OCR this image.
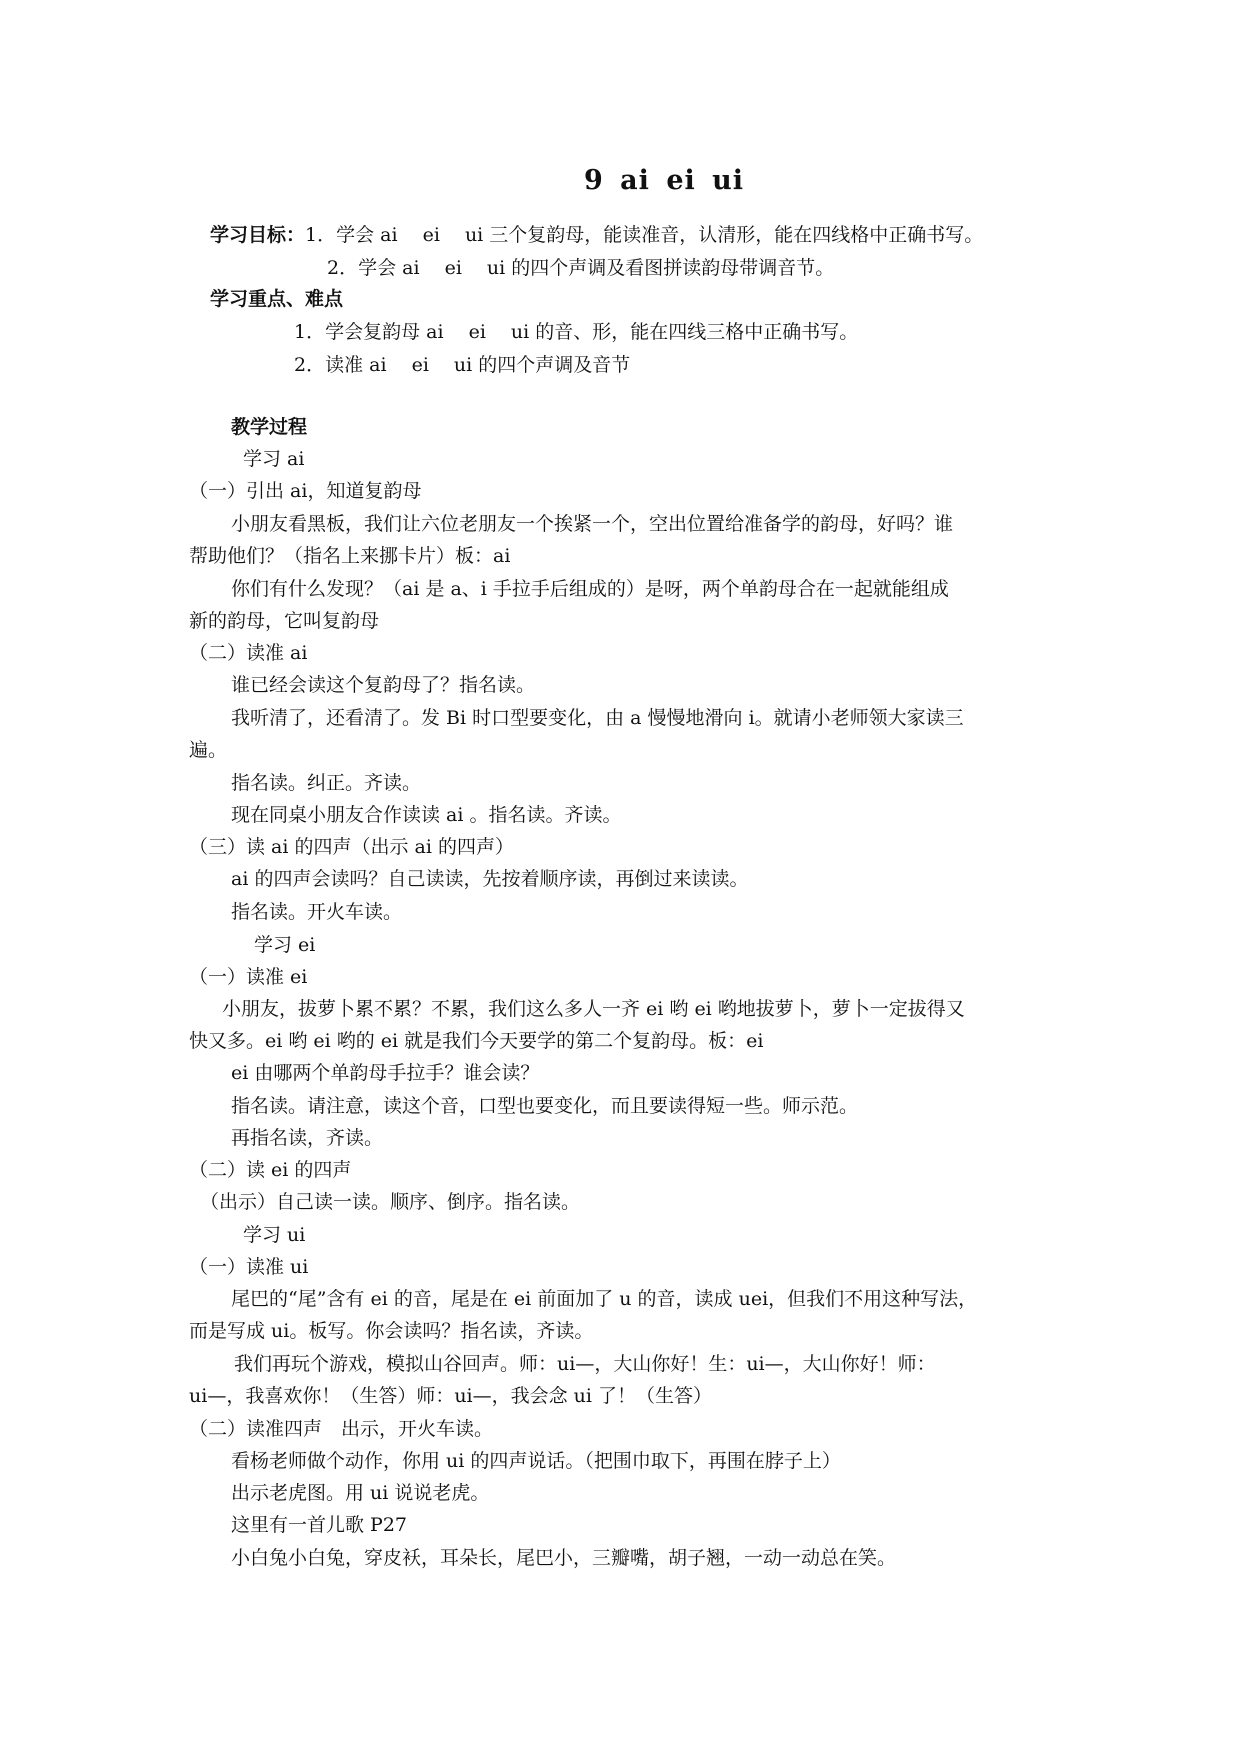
9 ai ei ui
学习目标：1．学会 ai　 ei　 ui 三个复韵母，能读准音，认清形，能在四线格中正确书写。
2．学会 ai　 ei　 ui 的四个声调及看图拼读韵母带调音节。
学习重点、难点
1．学会复韵母 ai　 ei　 ui 的音、形，能在四线三格中正确书写。
2．读准 ai　 ei　 ui 的四个声调及音节
教学过程
学习 ai
（一）引出 ai，知道复韵母
小朋友看黑板，我们让六位老朋友一个挨紧一个，空出位置给准备学的韵母，好吗？谁
帮助他们？（指名上来挪卡片）板：ai
你们有什么发现？（ai 是 a、i 手拉手后组成的）是呀，两个单韵母合在一起就能组成
新的韵母，它叫复韵母
（二）读准 ai
谁已经会读这个复韵母了？指名读。
我听清了，还看清了。发 Bi 时口型要变化，由 a 慢慢地滑向 i。就请小老师领大家读三
遍。
指名读。纠正。齐读。
现在同桌小朋友合作读读 ai 。指名读。齐读。
（三）读 ai 的四声（出示 ai 的四声）
ai 的四声会读吗？自己读读，先按着顺序读，再倒过来读读。
指名读。开火车读。
学习 ei
（一）读准 ei
小朋友，拔萝卜累不累？不累，我们这么多人一齐 ei 哟 ei 哟地拔萝卜，萝卜一定拔得又
快又多。ei 哟 ei 哟的 ei 就是我们今天要学的第二个复韵母。板：ei
ei 由哪两个单韵母手拉手？谁会读？
指名读。请注意，读这个音，口型也要变化，而且要读得短一些。师示范。
再指名读，齐读。
（二）读 ei 的四声
（出示）自己读一读。顺序、倒序。指名读。
学习 ui
（一）读准 ui
尾巴的“尾”含有 ei 的音，尾是在 ei 前面加了 u 的音，读成 uei，但我们不用这种写法，
而是写成 ui。板写。你会读吗？指名读，齐读。
我们再玩个游戏，模拟山谷回声。师：ui—，大山你好！生：ui—，大山你好！师：
ui—，我喜欢你！（生答）师：ui—，我会念 ui 了！（生答）
（二）读准四声　出示，开火车读。
看杨老师做个动作，你用 ui 的四声说话。（把围巾取下，再围在脖子上）
出示老虎图。用 ui 说说老虎。
这里有一首儿歌 P27
小白兔小白兔，穿皮袄，耳朵长，尾巴小，三瓣嘴，胡子翘，一动一动总在笑。
